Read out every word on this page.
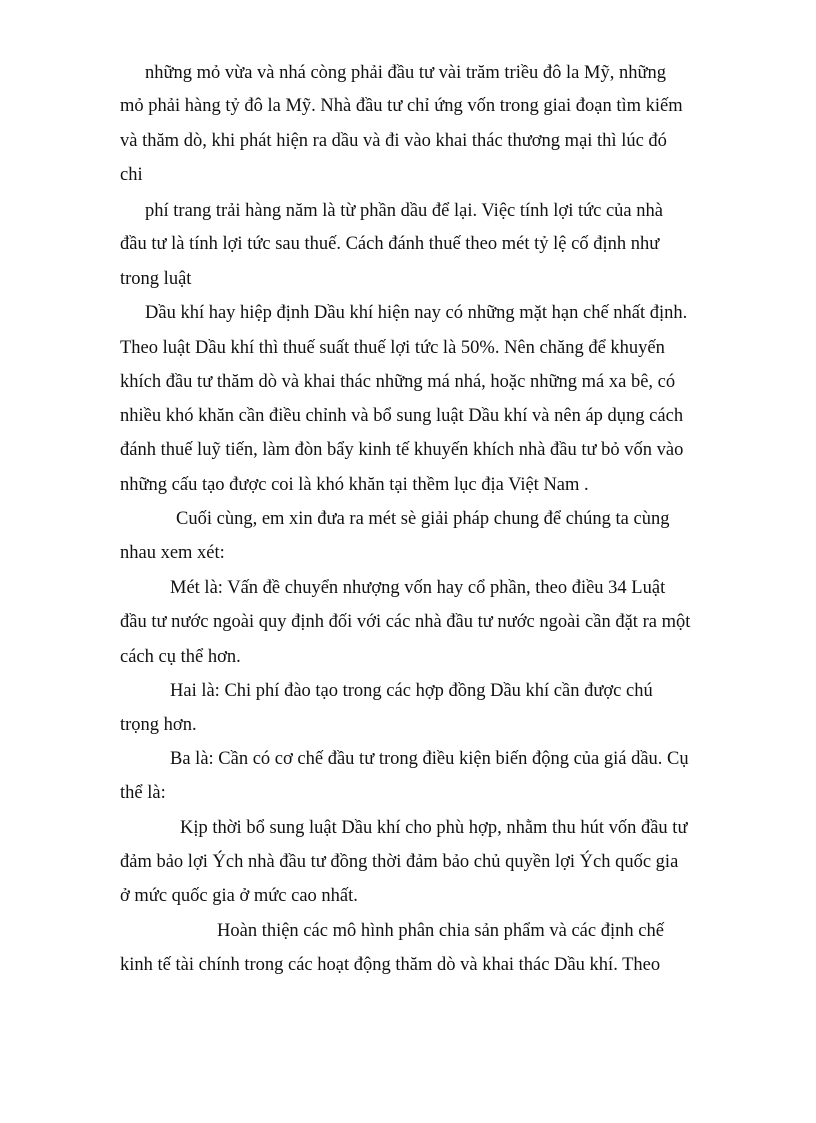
những mỏ vừa và nhá còng phải đầu tư vài trăm triều đô la Mỹ, những
mỏ phải hàng tỷ đô la Mỹ. Nhà đầu tư chỉ ứng vốn trong giai đoạn tìm kiếm
và thăm dò, khi phát hiện ra dầu và đi vào khai thác thương mại thì lúc đó
chi
phí trang trải hàng năm là từ phần dầu để lại. Việc tính lợi tức của nhà
đầu tư là tính lợi tức sau thuế. Cách đánh thuế theo mét tỷ lệ cố định như
trong luật
Dầu khí hay hiệp định Dầu khí hiện nay có những mặt hạn chế nhất định.
Theo luật Dầu khí thì thuế suất thuế lợi tức là 50%. Nên chăng để khuyến
khích đầu tư thăm dò và khai thác những má nhá, hoặc những má xa bê, có
nhiều khó khăn cần điều chỉnh và bổ sung luật Dầu khí và nên áp dụng cách
đánh thuế luỹ tiến, làm đòn bẩy kinh tế khuyến khích nhà đầu tư bỏ vốn vào
những cấu tạo được coi là khó khăn tại thềm lục địa Việt Nam .
Cuối cùng, em xin đưa ra mét sè giải pháp chung để chúng ta cùng
nhau xem xét:
Mét là: Vấn đề chuyển nhượng vốn hay cổ phần, theo điều 34 Luật
đầu tư nước ngoài quy định đối với các nhà đầu tư nước ngoài cần đặt ra một
cách cụ thể hơn.
Hai là: Chi phí đào tạo trong các hợp đồng Dầu khí cần được chú
trọng hơn.
Ba là: Cần có cơ chế đầu tư trong điều kiện biến động của giá dầu. Cụ
thể là:
Kịp thời bổ sung luật Dầu khí cho phù hợp, nhằm thu hút vốn đầu tư
đảm bảo lợi Ých nhà đầu tư đồng thời đảm bảo chủ quyền lợi Ých quốc gia
ở mức quốc gia ở mức cao nhất.
Hoàn thiện các mô hình phân chia sản phẩm và các định chế
kinh tế tài chính trong các hoạt động thăm dò và khai thác Dầu khí. Theo
